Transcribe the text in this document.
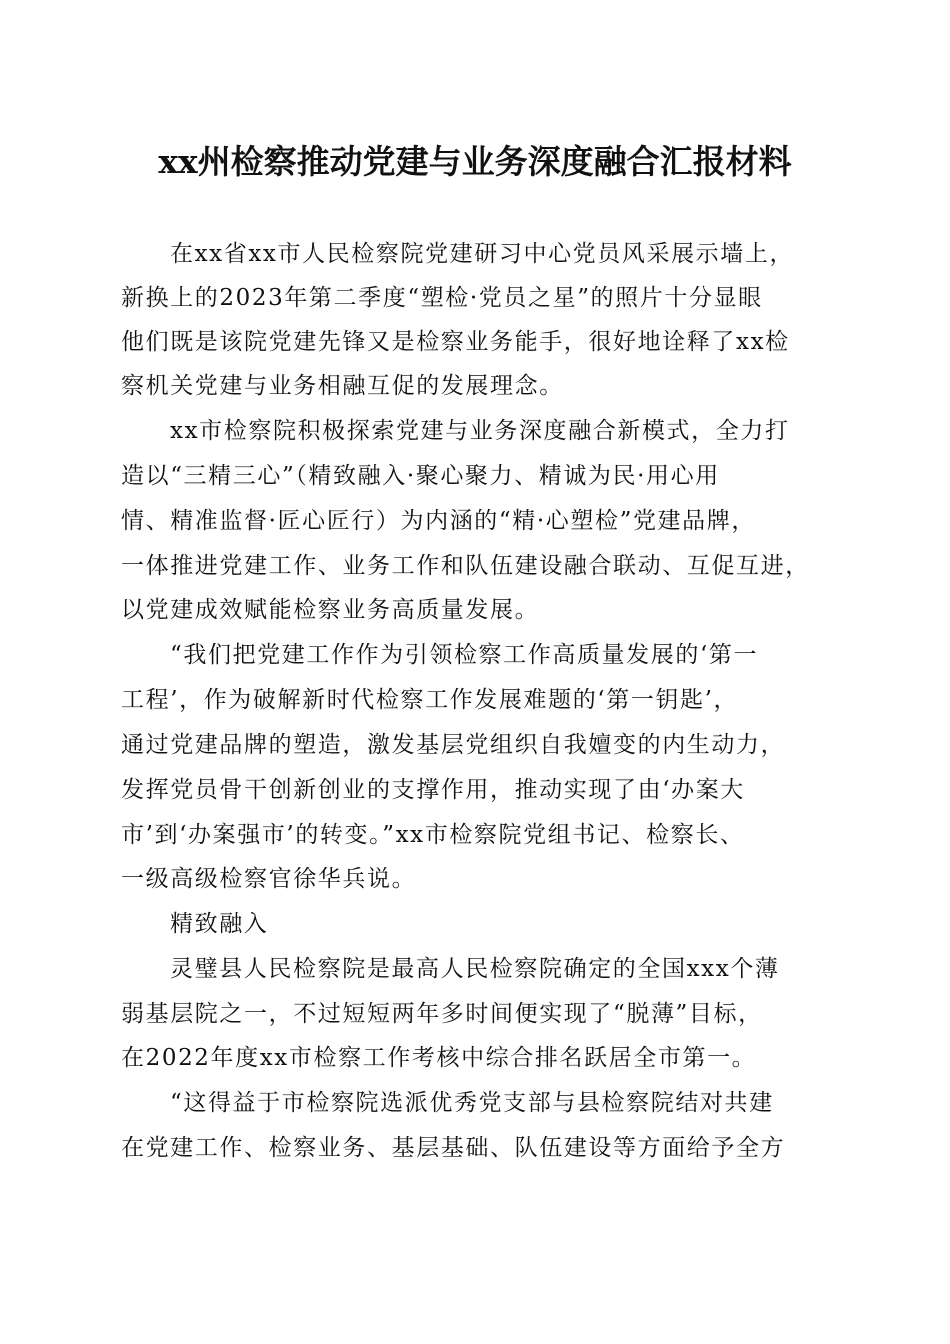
xx州检察推动党建与业务深度融合汇报材料
在xx省xx市人民检察院党建研习中心党员风采展示墙上，
新换上的2023年第二季度“塑检·党员之星”的照片十分显眼
他们既是该院党建先锋又是检察业务能手，很好地诠释了xx检
察机关党建与业务相融互促的发展理念。
xx市检察院积极探索党建与业务深度融合新模式，全力打
造以“三精三心”（精致融入·聚心聚力、精诚为民·用心用
情、精准监督·匠心匠行）为内涵的“精·心塑检”党建品牌，
一体推进党建工作、业务工作和队伍建设融合联动、互促互进，
以党建成效赋能检察业务高质量发展。
“我们把党建工作作为引领检察工作高质量发展的‘第一
工程’，作为破解新时代检察工作发展难题的‘第一钥匙’，
通过党建品牌的塑造，激发基层党组织自我嬗变的内生动力，
发挥党员骨干创新创业的支撑作用，推动实现了由‘办案大
市’到‘办案强市’的转变。”xx市检察院党组书记、检察长、
一级高级检察官徐华兵说。
精致融入
灵璧县人民检察院是最高人民检察院确定的全国xxx个薄
弱基层院之一，不过短短两年多时间便实现了“脱薄”目标，
在2022年度xx市检察工作考核中综合排名跃居全市第一。
“这得益于市检察院选派优秀党支部与县检察院结对共建
在党建工作、检察业务、基层基础、队伍建设等方面给予全方
